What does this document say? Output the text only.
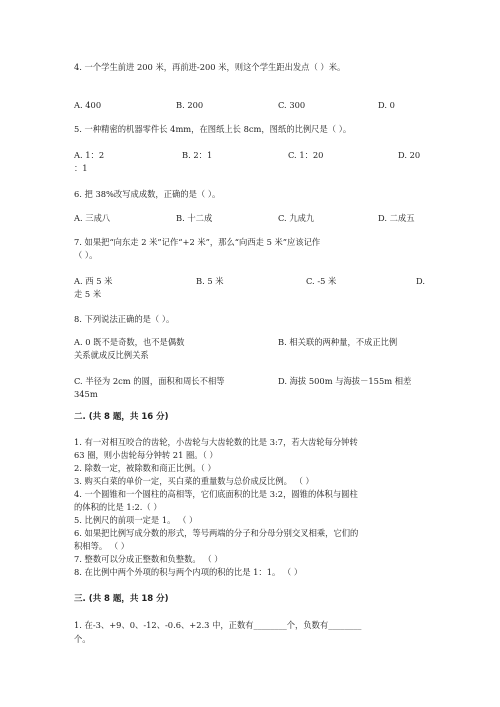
4. 一个学生前进 200 米，再前进-200 米，则这个学生距出发点（ ）米。
A. 400	B. 200	C. 300	D. 0
5. 一种精密的机器零件长 4mm，在图纸上长 8cm，图纸的比例尺是（ ）。
A. 1：2	B. 2：1	C. 1：20	D. 20
：1
6. 把 38%改写成成数，正确的是（ ）。
A. 三成八	B. 十二成	C. 九成九	D. 二成五
7. 如果把“向东走 2 米”记作“+2 米”，那么“向西走 5 米”应该记作
（ ）。
A. 西 5 米	B. 5 米	C. -5 米	D.
走 5 米
8. 下列说法正确的是（ ）。
A. 0 既不是奇数，也不是偶数	B. 相关联的两种量，不成正比例
关系就成反比例关系
C. 半径为 2cm 的圆，面积和周长不相等	D. 海拔 500m 与海拔－155m 相差
345m
二. (共 8 题，共 16 分)
1. 有一对相互咬合的齿轮，小齿轮与大齿轮数的比是 3:7，若大齿轮每分钟转
63 圈，则小齿轮每分钟转 21 圈。（ ）
2. 除数一定，被除数和商正比例。（ ）
3. 购买白菜的单价一定，买白菜的重量数与总价成反比例。 （ ）
4. 一个圆锥和一个圆柱的高相等，它们底面积的比是 3:2，圆锥的体积与圆柱
的体积的比是 1:2.（ ）
5. 比例尺的前项一定是 1。 （ ）
6. 如果把比例写成分数的形式，等号两端的分子和分母分别交叉相乘，它们的
积相等。 （ ）
7. 整数可以分成正整数和负整数。 （ ）
8. 在比例中两个外项的积与两个内项的积的比是 1：1。 （ ）
三. (共 8 题，共 18 分)
1. 在-3、+9、0、-12、-0.6、+2.3 中，正数有________个，负数有________
个。
